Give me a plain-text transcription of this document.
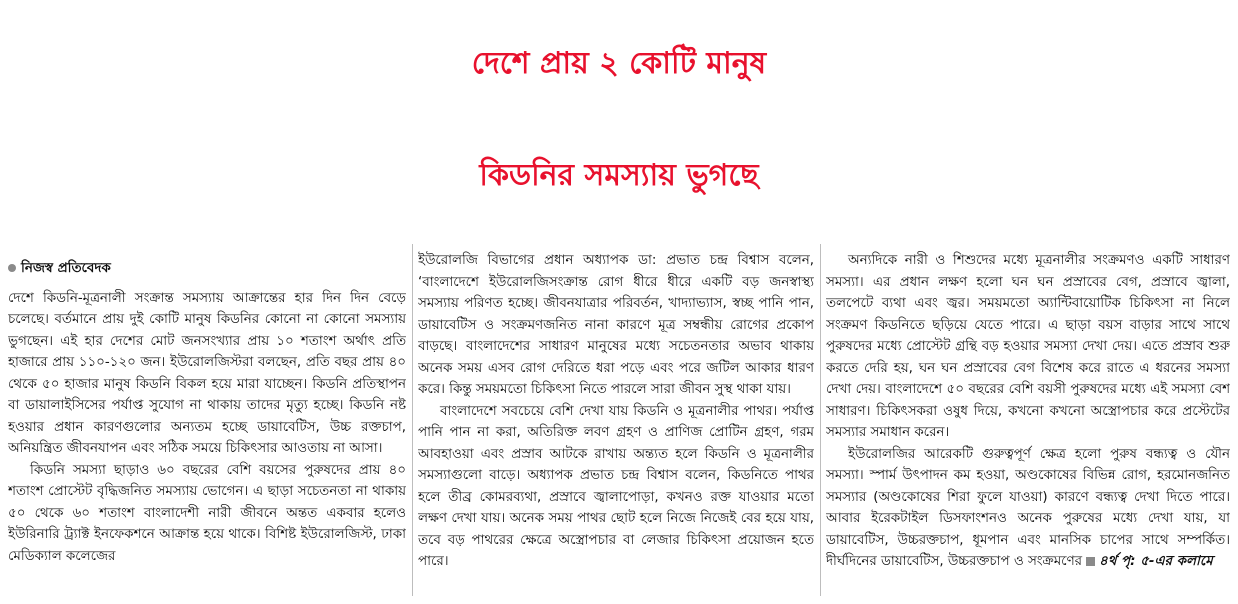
দেশে প্রায় ২ কোটি মানুষ
কিডনির সমস্যায় ভুগছে
নিজস্ব প্রতিবেদক

দেশে কিডনি-মূত্রনালী সংক্রান্ত সমস্যায় আক্রান্তের হার দিন দিন বেড়ে চলেছে। বর্তমানে প্রায় দুই কোটি মানুষ কিডনির কোনো না কোনো সমস্যায় ভুগছেন। এই হার দেশের মোট জনসংখ্যার প্রায় ১০ শতাংশ অর্থাৎ প্রতি হাজারে প্রায় ১১০-১২০ জন। ইউরোলজিস্টরা বলছেন, প্রতি বছর প্রায় ৪০ থেকে ৫০ হাজার মানুষ কিডনি বিকল হয়ে মারা যাচ্ছেন। কিডনি প্রতিস্থাপন বা ডায়ালাইসিসের পর্যাপ্ত সুযোগ না থাকায় তাদের মৃত্যু হচ্ছে। কিডনি নষ্ট হওয়ার প্রধান কারণগুলোর অন্যতম হচ্ছে ডায়াবেটিস, উচ্চ রক্তচাপ, অনিয়ন্ত্রিত জীবনযাপন এবং সঠিক সময়ে চিকিৎসার আওতায় না আসা।

কিডনি সমস্যা ছাড়াও ৬০ বছরের বেশি বয়সের পুরুষদের প্রায় ৪০ শতাংশ প্রোস্টেট বৃদ্ধিজনিত সমস্যায় ভোগেন। এ ছাড়া সচেতনতা না থাকায় ৫০ থেকে ৬০ শতাংশ বাংলাদেশী নারী জীবনে অন্তত একবার হলেও ইউরিনারি ট্র্যাক্ট ইনফেকশনে আক্রান্ত হয়ে থাকে। বিশিষ্ট ইউরোলজিস্ট, ঢাকা মেডিক্যাল কলেজের

ইউরোলজি বিভাগের প্রধান অধ্যাপক ডা: প্রভাত চন্দ্র বিশ্বাস বলেন, ‘বাংলাদেশে ইউরোলজিসংক্রান্ত রোগ ধীরে ধীরে একটি বড় জনস্বাস্থ্য সমস্যায় পরিণত হচ্ছে। জীবনযাত্রার পরিবর্তন, খাদ্যাভ্যাস, স্বচ্ছ পানি পান, ডায়াবেটিস ও সংক্রমণজনিত নানা কারণে মূত্র সম্বন্ধীয় রোগের প্রকোপ বাড়ছে। বাংলাদেশের সাধারণ মানুষের মধ্যে সচেতনতার অভাব থাকায় অনেক সময় এসব রোগ দেরিতে ধরা পড়ে এবং পরে জটিল আকার ধারণ করে। কিন্তু সময়মতো চিকিৎসা নিতে পারলে সারা জীবন সুস্থ থাকা যায়।

বাংলাদেশে সবচেয়ে বেশি দেখা যায় কিডনি ও মূত্রনালীর পাথর। পর্যাপ্ত পানি পান না করা, অতিরিক্ত লবণ গ্রহণ ও প্রাণিজ প্রোটিন গ্রহণ, গরম আবহাওয়া এবং প্রস্রাব আটকে রাখায় অন্ত্যত হলে কিডনি ও মূত্রনালীর সমস্যাগুলো বাড়ে। অধ্যাপক প্রভাত চন্দ্র বিশ্বাস বলেন, কিডনিতে পাথর হলে তীব্র কোমরব্যথা, প্রস্রাবে জ্বালাপোড়া, কখনও রক্ত যাওয়ার মতো লক্ষণ দেখা যায়। অনেক সময় পাথর ছোট হলে নিজে নিজেই বের হয়ে যায়, তবে বড় পাথরের ক্ষেত্রে অস্ত্রোপচার বা লেজার চিকিৎসা প্রয়োজন হতে পারে।

অন্যদিকে নারী ও শিশুদের মধ্যে মূত্রনালীর সংক্রমণও একটি সাধারণ সমস্যা। এর প্রধান লক্ষণ হলো ঘন ঘন প্রস্রাবের বেগ, প্রস্রাবে জ্বালা, তলপেটে ব্যথা এবং জ্বর। সময়মতো অ্যান্টিবায়োটিক চিকিৎসা না নিলে সংক্রমণ কিডনিতে ছড়িয়ে যেতে পারে। এ ছাড়া বয়স বাড়ার সাথে সাথে পুরুষদের মধ্যে প্রোস্টেট গ্রন্থি বড় হওয়ার সমস্যা দেখা দেয়। এতে প্রস্রাব শুরু করতে দেরি হয়, ঘন ঘন প্রস্রাবের বেগ বিশেষ করে রাতে এ ধরনের সমস্যা দেখা দেয়। বাংলাদেশে ৫০ বছরের বেশি বয়সী পুরুষদের মধ্যে এই সমস্যা বেশ সাধারণ। চিকিৎসকরা ওষুধ দিয়ে, কখনো কখনো অস্ত্রোপচার করে প্রস্টেটের সমস্যার সমাধান করেন।

ইউরোলজির আরেকটি গুরুত্বপূর্ণ ক্ষেত্র হলো পুরুষ বন্ধ্যত্ব ও যৌন সমস্যা। স্পার্ম উৎপাদন কম হওয়া, অণ্ডকোষের বিভিন্ন রোগ, হরমোনজনিত সমস্যার (অণ্ডকোষের শিরা ফুলে যাওয়া) কারণে বন্ধ্যত্ব দেখা দিতে পারে। আবার ইরেকটাইল ডিসফাংশনও অনেক পুরুষের মধ্যে দেখা যায়, যা ডায়াবেটিস, উচ্চরক্তচাপ, ধূমপান এবং মানসিক চাপের সাথে সম্পর্কিত। দীর্ঘদিনের ডায়াবেটিস, উচ্চরক্তচাপ ও সংক্রমণের ৪র্থ পৃ: ৫-এর কলামে
